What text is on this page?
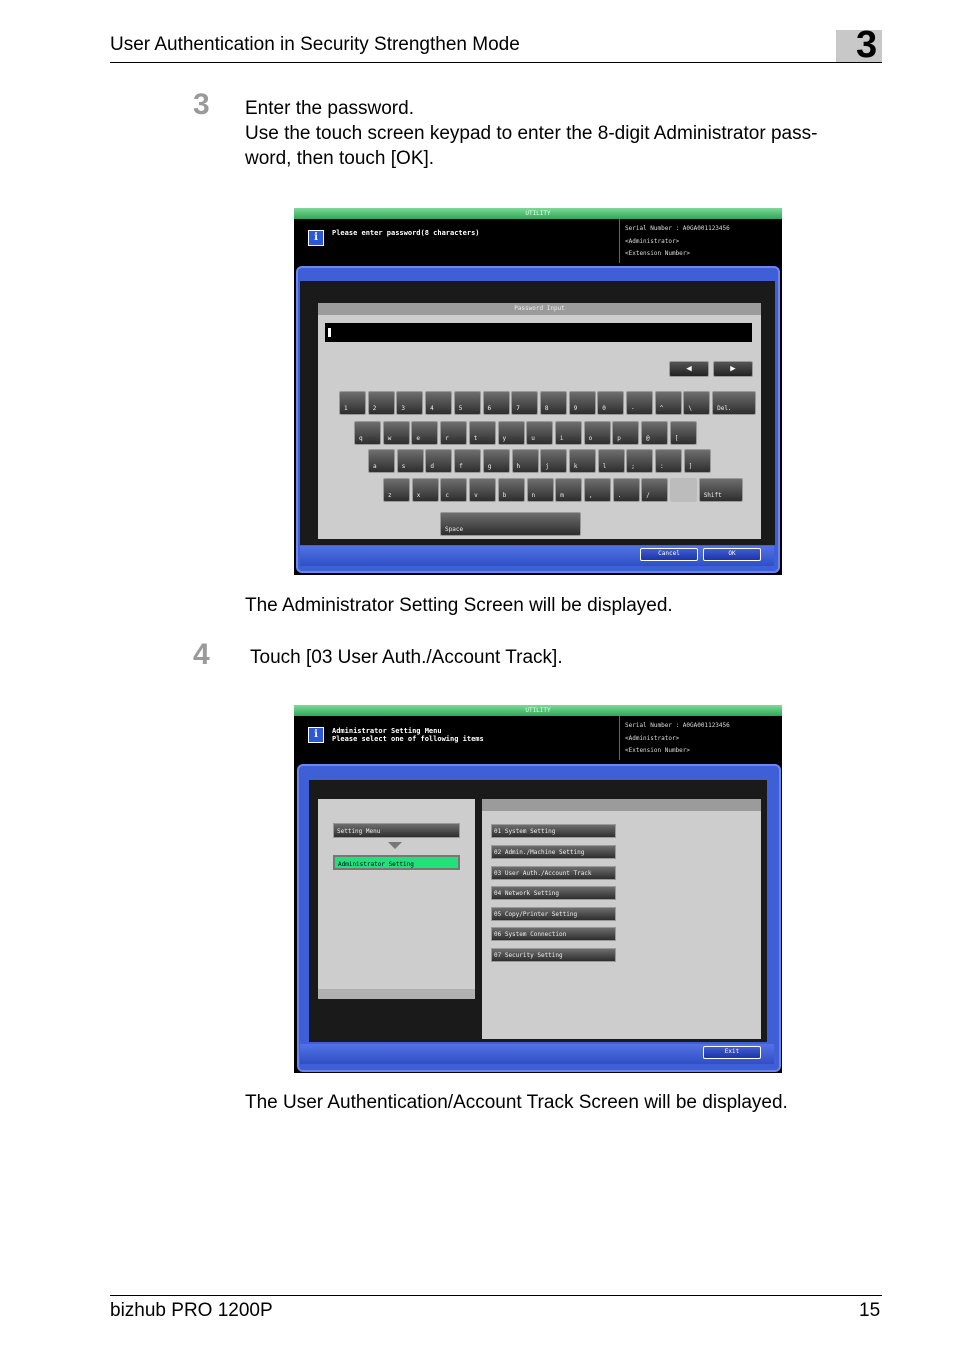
User Authentication in Security Strengthen Mode	3
3 Enter the password.
Use the touch screen keypad to enter the 8-digit Administrator pass-
word, then touch [OK].
UTILITY
i	Please enter password(8 characters)
Serial Number : A0GA001123456
<Administrator>
<Extension Number>
Password Input
◀	▶
1	2	3	4	5	6	7	8	9	0	-	^	\	Del.
q	w	e	r	t	y	u	i	o	p	@	[
a	s	d	f	g	h	j	k	l	;	:	]
z	x	c	v	b	n	m	,	.	/	Shift
Space
Cancel	OK
The Administrator Setting Screen will be displayed.
4 Touch [03 User Auth./Account Track].
UTILITY
i	Administrator Setting Menu
Please select one of following items
Serial Number : A0GA001123456
<Administrator>
<Extension Number>
Setting Menu
Administrator Setting
01 System Setting
02 Admin./Machine Setting
03 User Auth./Account Track
04 Network Setting
05 Copy/Printer Setting
06 System Connection
07 Security Setting
Exit
The User Authentication/Account Track Screen will be displayed.
bizhub PRO 1200P	15
